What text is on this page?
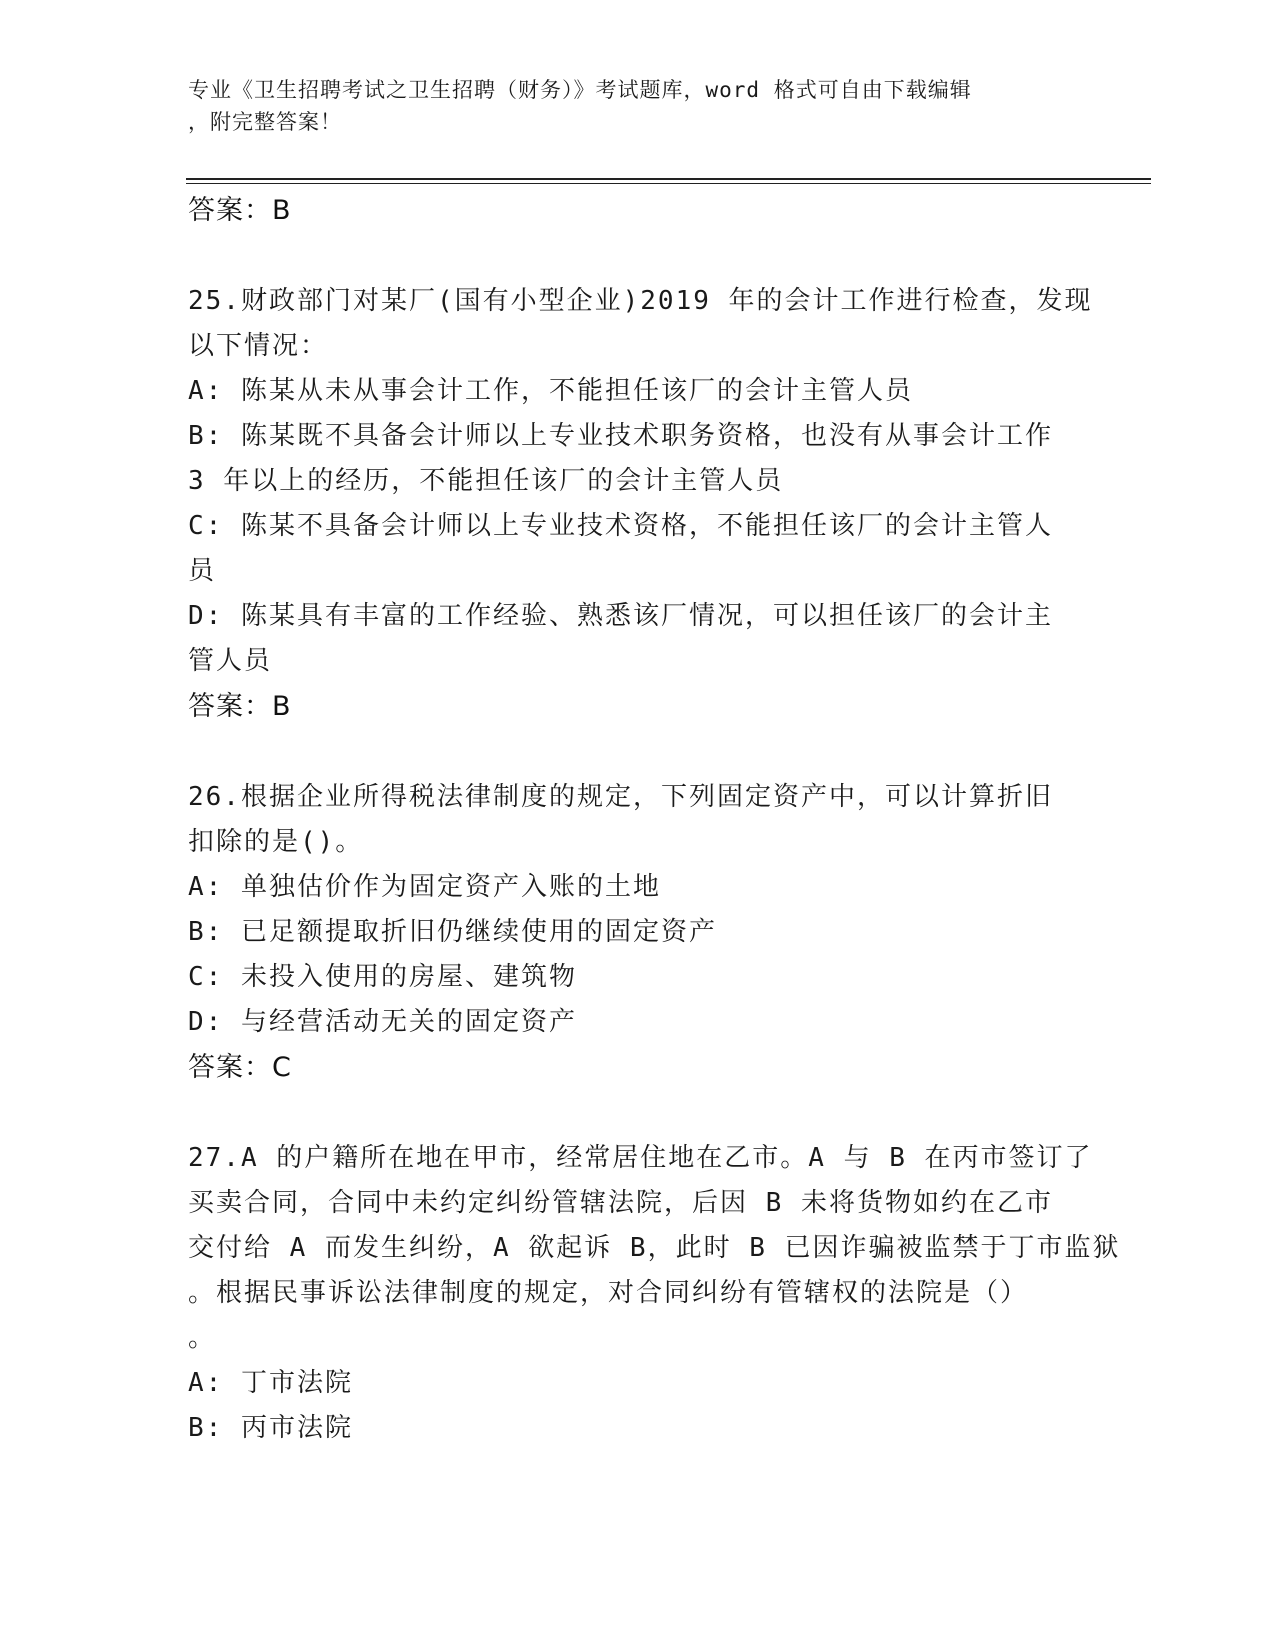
专业《卫生招聘考试之卫生招聘（财务）》考试题库，word 格式可自由下载编辑
，附完整答案！
答案：B
25.财政部门对某厂(国有小型企业)2019 年的会计工作进行检查，发现
以下情况：
A: 陈某从未从事会计工作，不能担任该厂的会计主管人员
B: 陈某既不具备会计师以上专业技术职务资格，也没有从事会计工作
3 年以上的经历，不能担任该厂的会计主管人员
C: 陈某不具备会计师以上专业技术资格，不能担任该厂的会计主管人
员
D: 陈某具有丰富的工作经验、熟悉该厂情况，可以担任该厂的会计主
管人员
答案：B
26.根据企业所得税法律制度的规定，下列固定资产中，可以计算折旧
扣除的是()。
A: 单独估价作为固定资产入账的土地
B: 已足额提取折旧仍继续使用的固定资产
C: 未投入使用的房屋、建筑物
D: 与经营活动无关的固定资产
答案：C
27.A 的户籍所在地在甲市，经常居住地在乙市。A 与 B 在丙市签订了
买卖合同，合同中未约定纠纷管辖法院，后因 B 未将货物如约在乙市
交付给 A 而发生纠纷，A 欲起诉 B，此时 B 已因诈骗被监禁于丁市监狱
。根据民事诉讼法律制度的规定，对合同纠纷有管辖权的法院是（）
。
A: 丁市法院
B: 丙市法院
